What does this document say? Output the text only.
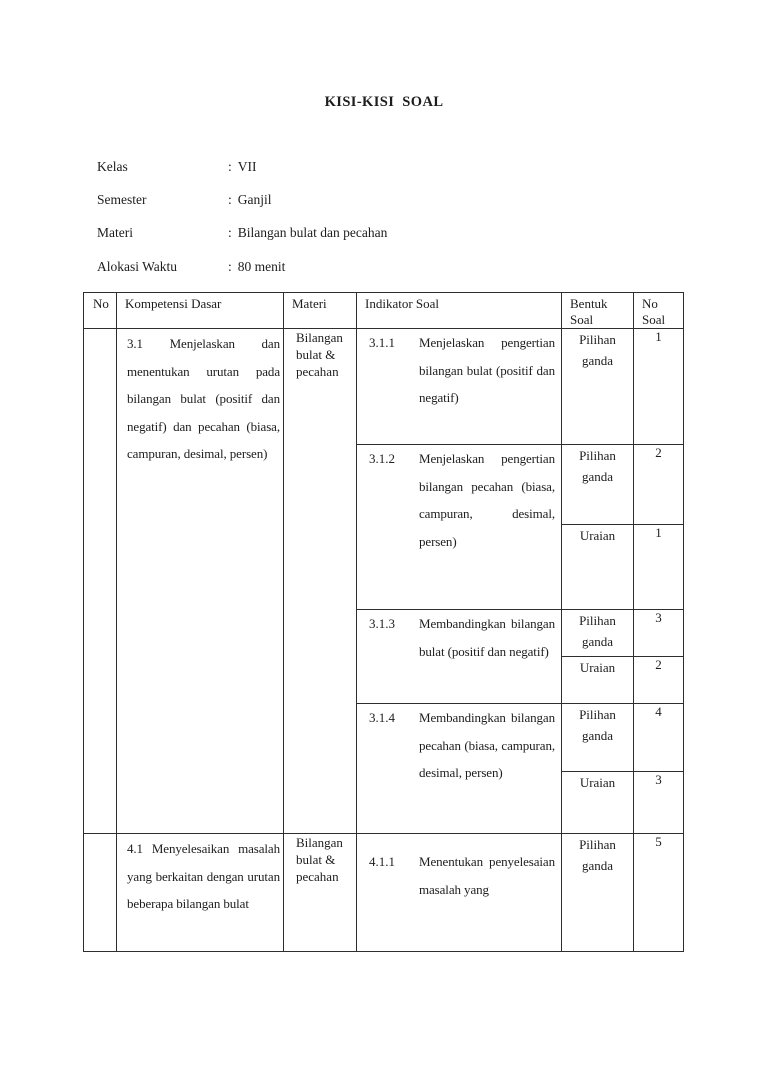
KISI-KISI SOAL
Kelas	: VII
Semester	: Ganjil
Materi	: Bilangan bulat dan pecahan
Alokasi Waktu	: 80 menit
No	Kompetensi Dasar	Materi	Indikator Soal	Bentuk Soal	No Soal

	3.1 Menjelaskan dan menentukan urutan pada bilangan bulat (positif dan negatif) dan pecahan (biasa, campuran, desimal, persen)	Bilangan bulat & pecahan	3.1.1 Menjelaskan pengertian bilangan bulat (positif dan negatif)	Pilihan ganda	1

			3.1.2 Menjelaskan pengertian bilangan pecahan (biasa, campuran, desimal, persen)	Pilihan ganda	2

				Uraian	1

			3.1.3 Membandingkan bilangan bulat (positif dan negatif)	Pilihan ganda	3

				Uraian	2

			3.1.4 Membandingkan bilangan pecahan (biasa, campuran, desimal, persen)	Pilihan ganda	4

				Uraian	3

	4.1 Menyelesaikan masalah yang berkaitan dengan urutan beberapa bilangan bulat	Bilangan bulat & pecahan	4.1.1 Menentukan penyelesaian masalah yang	Pilihan ganda	5
